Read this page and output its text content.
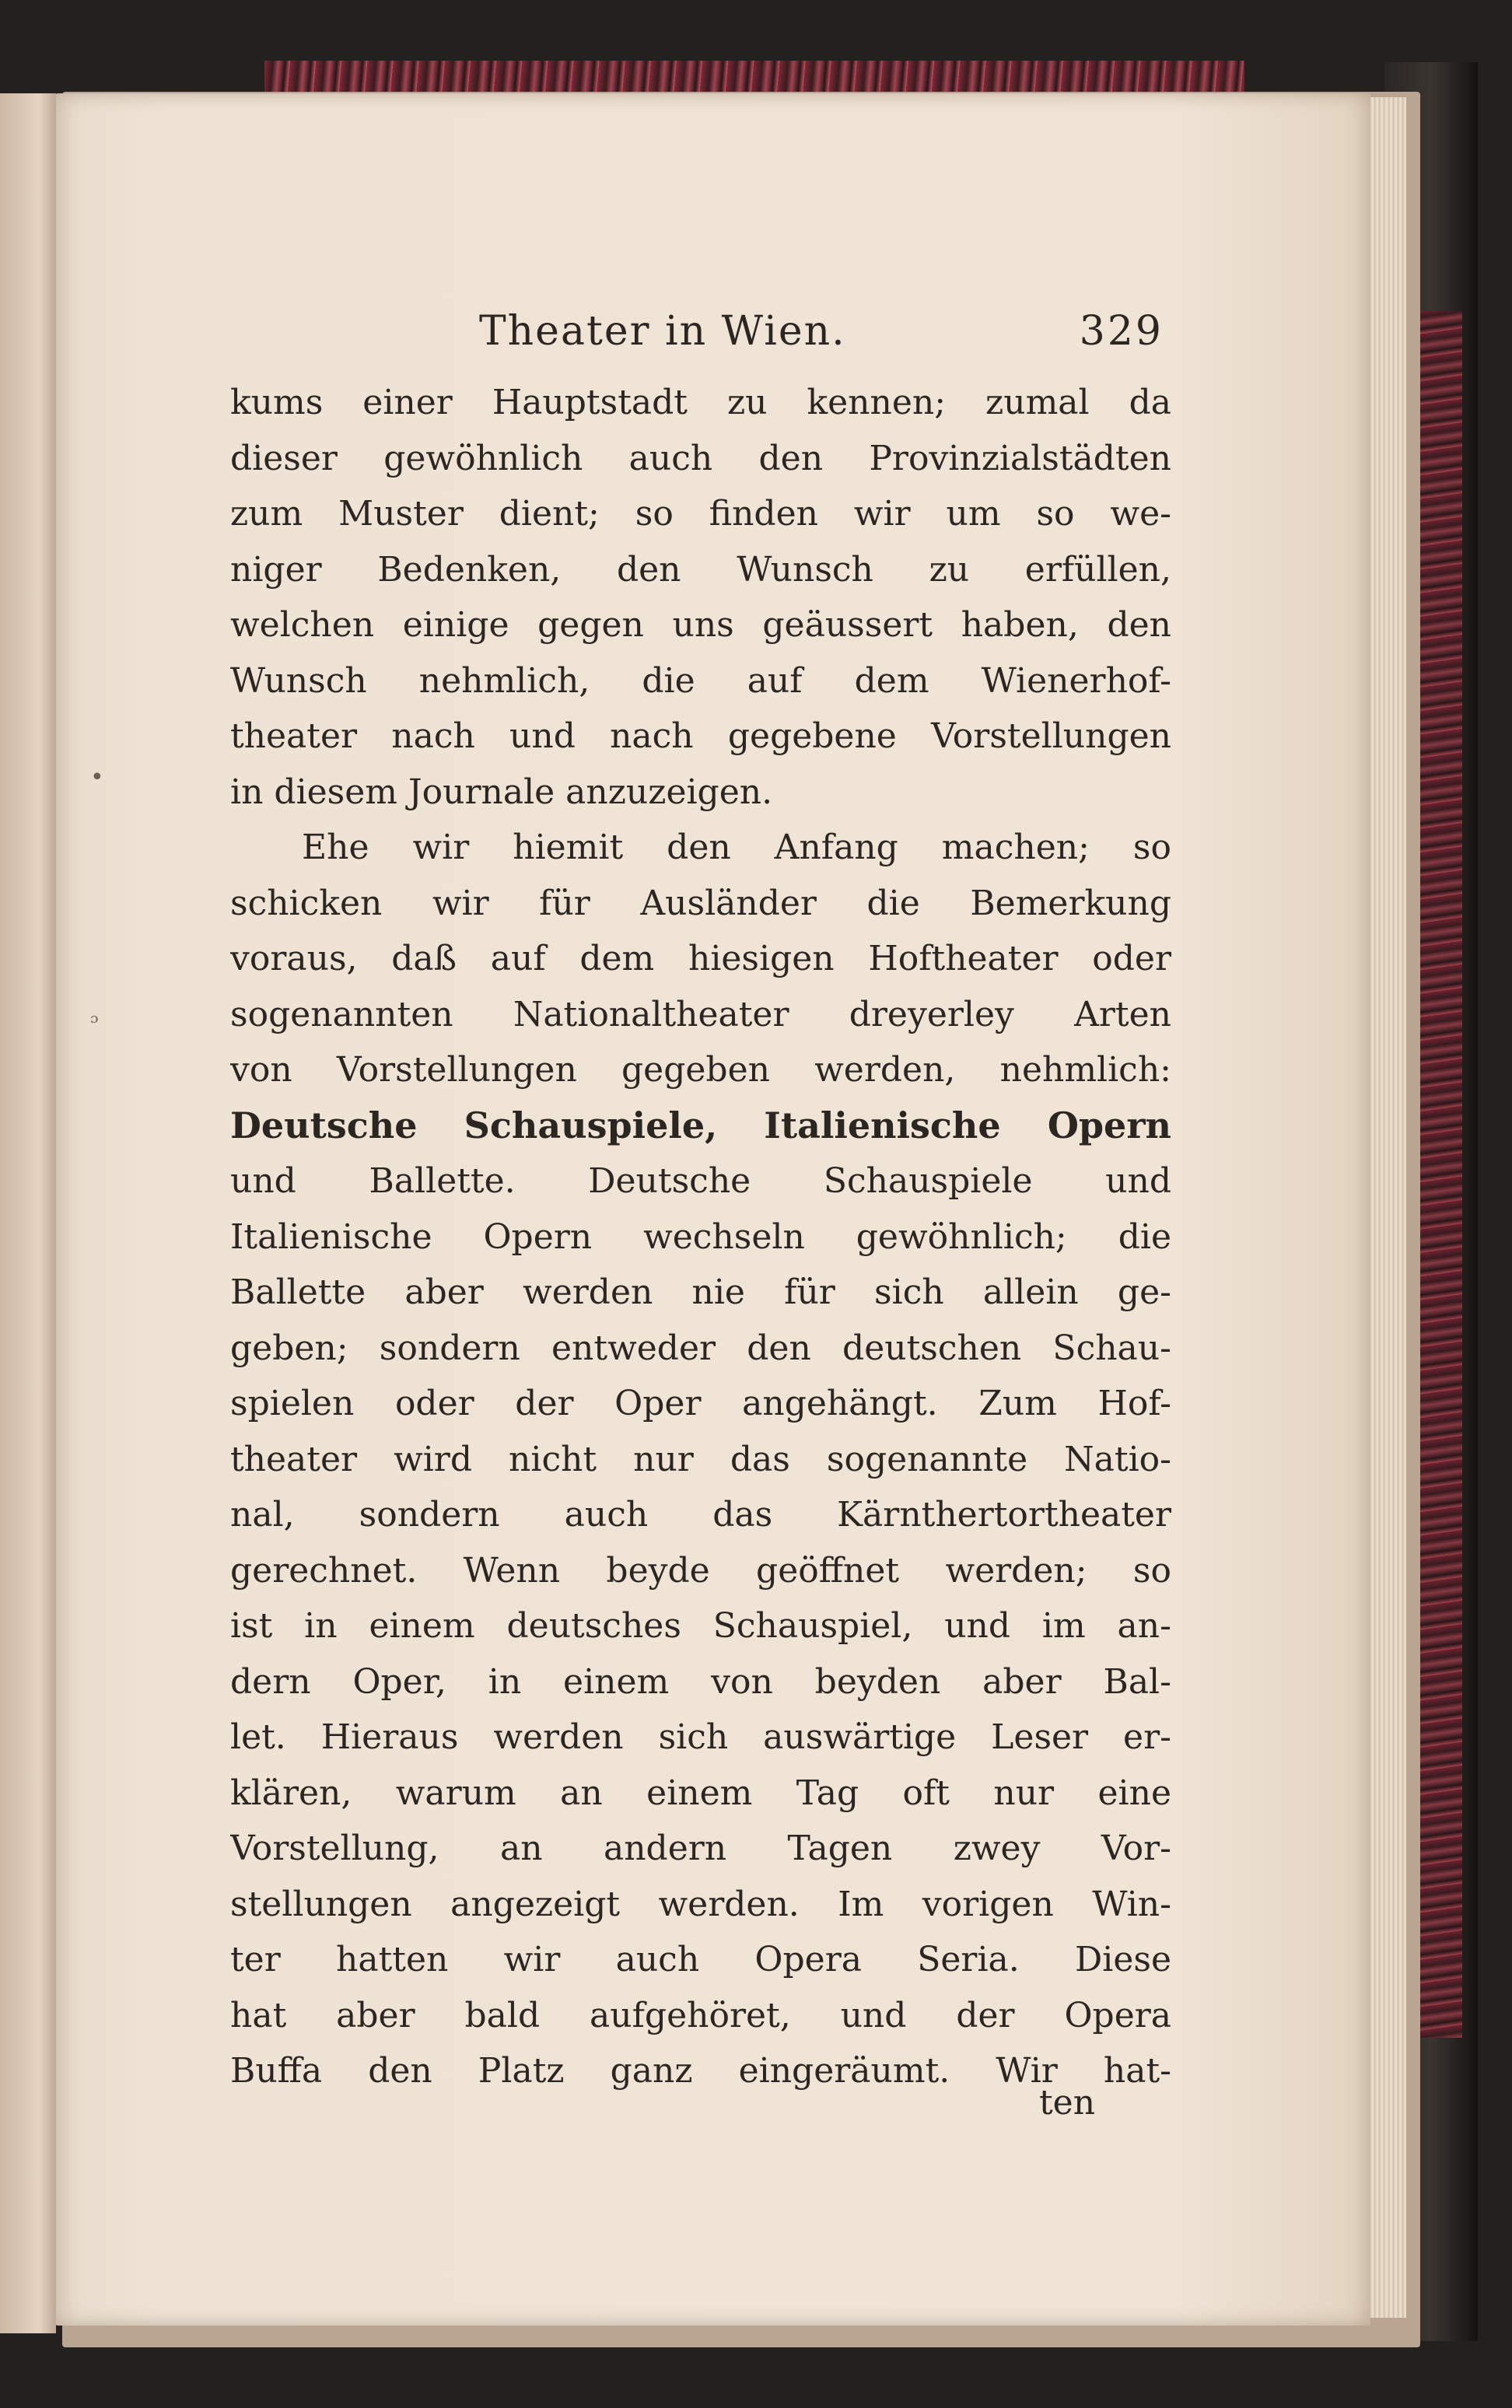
•
ᵓ
Theater in Wien.	329
kums einer Hauptstadt zu kennen; zumal da
dieser gewöhnlich auch den Provinzialstädten
zum Muster dient; so finden wir um so we-
niger Bedenken, den Wunsch zu erfüllen,
welchen einige gegen uns geäussert haben, den
Wunsch nehmlich, die auf dem Wienerhof-
theater nach und nach gegebene Vorstellungen
in diesem Journale anzuzeigen.
Ehe wir hiemit den Anfang machen; so
schicken wir für Ausländer die Bemerkung
voraus, daß auf dem hiesigen Hoftheater oder
sogenannten Nationaltheater dreyerley Arten
von Vorstellungen gegeben werden, nehmlich:
Deutsche Schauspiele, Italienische Opern
und Ballette. Deutsche Schauspiele und
Italienische Opern wechseln gewöhnlich; die
Ballette aber werden nie für sich allein ge-
geben; sondern entweder den deutschen Schau-
spielen oder der Oper angehängt. Zum Hof-
theater wird nicht nur das sogenannte Natio-
nal, sondern auch das Kärnthertortheater
gerechnet. Wenn beyde geöffnet werden; so
ist in einem deutsches Schauspiel, und im an-
dern Oper, in einem von beyden aber Bal-
let. Hieraus werden sich auswärtige Leser er-
klären, warum an einem Tag oft nur eine
Vorstellung, an andern Tagen zwey Vor-
stellungen angezeigt werden. Im vorigen Win-
ter hatten wir auch Opera Seria. Diese
hat aber bald aufgehöret, und der Opera
Buffa den Platz ganz eingeräumt. Wir hat-
ten
